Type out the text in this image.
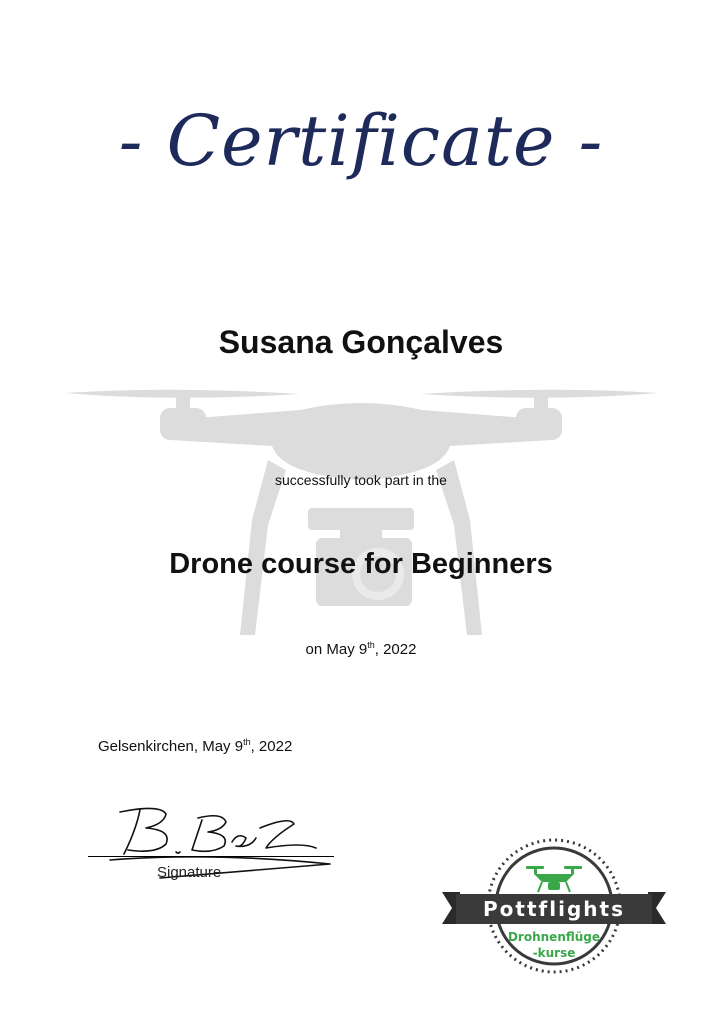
- Certificate -
Susana Gonçalves
successfully took part in the
Drone course for Beginners
on May 9th, 2022
Gelsenkirchen, May 9th, 2022
Signature
Pottflights
Drohnenflüge
-kurse
